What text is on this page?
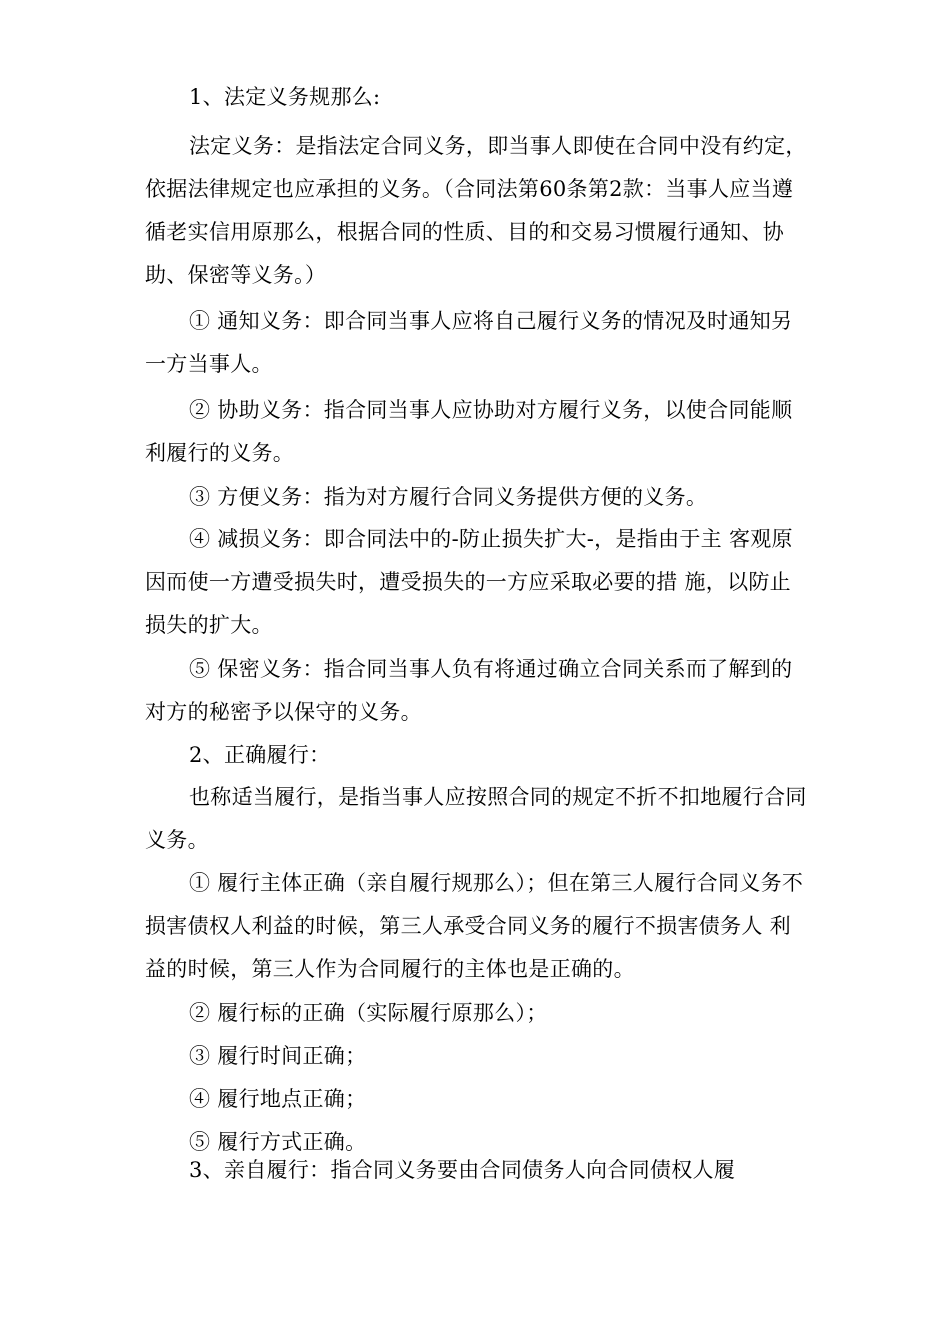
1、法定义务规那么:

法定义务：是指法定合同义务，即当事人即使在合同中没有约定，依据法律规定也应承担的义务。（合同法第60条第2款：当事人应当遵循老实信用原那么，根据合同的性质、目的和交易习惯履行通知、协助、保密等义务。）

① 通知义务：即合同当事人应将自己履行义务的情况及时通知另一方当事人。

② 协助义务：指合同当事人应协助对方履行义务，以使合同能顺利履行的义务。

③ 方便义务：指为对方履行合同义务提供方便的义务。

④ 减损义务：即合同法中的-防止损失扩大-，是指由于主 客观原因而使一方遭受损失时，遭受损失的一方应采取必要的措 施，以防止损失的扩大。

⑤ 保密义务：指合同当事人负有将通过确立合同关系而了解到的对方的秘密予以保守的义务。

2、正确履行：

也称适当履行，是指当事人应按照合同的规定不折不扣地履行合同义务。

① 履行主体正确（亲自履行规那么）；但在第三人履行合同义务不 损害债权人利益的时候，第三人承受合同义务的履行不损害债务人 利益的时候，第三人作为合同履行的主体也是正确的。

② 履行标的正确（实际履行原那么）；

③ 履行时间正确；

④ 履行地点正确；

⑤ 履行方式正确。

3、亲自履行：指合同义务要由合同债务人向合同债权人履
